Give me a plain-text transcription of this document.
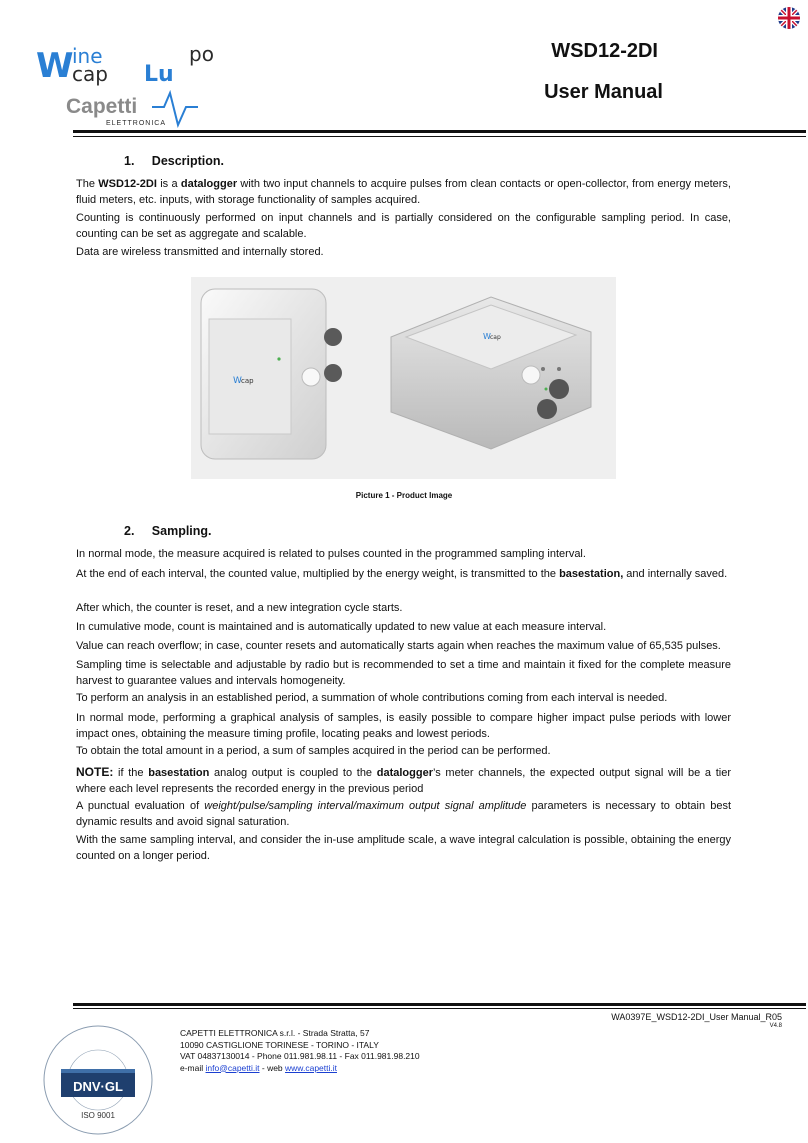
W
ine
cap Lu
po
Capetti
ELETTRONICA
WSD12-2DI
User Manual
1.     Description.
The WSD12-2DI is a datalogger with two input channels to acquire pulses from clean contacts or open-collector, from energy meters, fluid meters, etc. inputs, with storage functionality of samples acquired.
Counting is continuously performed on input channels and is partially considered on the configurable sampling period. In case, counting can be set as aggregate and scalable.
Data are wireless transmitted and internally stored.
W cap
W cap
Picture 1 - Product Image
2.     Sampling.
In normal mode, the measure acquired is related to pulses counted in the programmed sampling interval.
At the end of each interval, the counted value, multiplied by the energy weight, is transmitted to the basestation, and internally saved.
After which, the counter is reset, and a new integration cycle starts.
In cumulative mode, count is maintained and is automatically updated to new value at each measure interval.
Value can reach overflow; in case, counter resets and automatically starts again when reaches the maximum value of 65,535 pulses.
Sampling time is selectable and adjustable by radio but is recommended to set a time and maintain it fixed for the complete measure harvest to guarantee values and intervals homogeneity.
To perform an analysis in an established period, a summation of whole contributions coming from each interval is needed.
In normal mode, performing a graphical analysis of samples, is easily possible to compare higher impact pulse periods with lower impact ones, obtaining the measure timing profile, locating peaks and lowest periods.
To obtain the total amount in a period, a sum of samples acquired in the period can be performed.
NOTE: if the basestation analog output is coupled to the datalogger’s meter channels, the expected output signal will be a tier where each level represents the recorded energy in the previous period
A punctual evaluation of weight/pulse/sampling interval/maximum output signal amplitude parameters is necessary to obtain best dynamic results and avoid signal saturation.
With the same sampling interval, and consider the in-use amplitude scale, a wave integral calculation is possible, obtaining the energy counted on a longer period.
WA0397E_WSD12-2DI_User Manual_R05
V4.8
DNV·GL
ISO 9001
CAPETTI ELETTRONICA s.r.l. - Strada Stratta, 57
10090 CASTIGLIONE TORINESE - TORINO - ITALY
VAT 04837130014 - Phone 011.981.98.11 - Fax 011.981.98.210
e-mail info@capetti.it - web www.capetti.it
